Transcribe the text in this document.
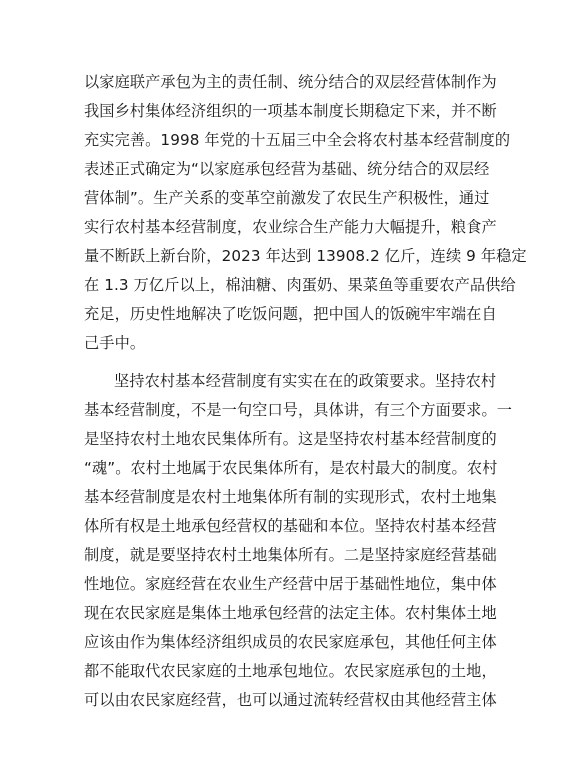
以家庭联产承包为主的责任制、统分结合的双层经营体制作为
我国乡村集体经济组织的一项基本制度长期稳定下来，并不断
充实完善。1998 年党的十五届三中全会将农村基本经营制度的
表述正式确定为“以家庭承包经营为基础、统分结合的双层经
营体制”。生产关系的变革空前激发了农民生产积极性，通过
实行农村基本经营制度，农业综合生产能力大幅提升，粮食产
量不断跃上新台阶，2023 年达到 13908.2 亿斤，连续 9 年稳定
在 1.3 万亿斤以上，棉油糖、肉蛋奶、果菜鱼等重要农产品供给
充足，历史性地解决了吃饭问题，把中国人的饭碗牢牢端在自
己手中。
坚持农村基本经营制度有实实在在的政策要求。坚持农村
基本经营制度，不是一句空口号，具体讲，有三个方面要求。一
是坚持农村土地农民集体所有。这是坚持农村基本经营制度的
“魂”。农村土地属于农民集体所有，是农村最大的制度。农村
基本经营制度是农村土地集体所有制的实现形式，农村土地集
体所有权是土地承包经营权的基础和本位。坚持农村基本经营
制度，就是要坚持农村土地集体所有。二是坚持家庭经营基础
性地位。家庭经营在农业生产经营中居于基础性地位，集中体
现在农民家庭是集体土地承包经营的法定主体。农村集体土地
应该由作为集体经济组织成员的农民家庭承包，其他任何主体
都不能取代农民家庭的土地承包地位。农民家庭承包的土地，
可以由农民家庭经营，也可以通过流转经营权由其他经营主体
